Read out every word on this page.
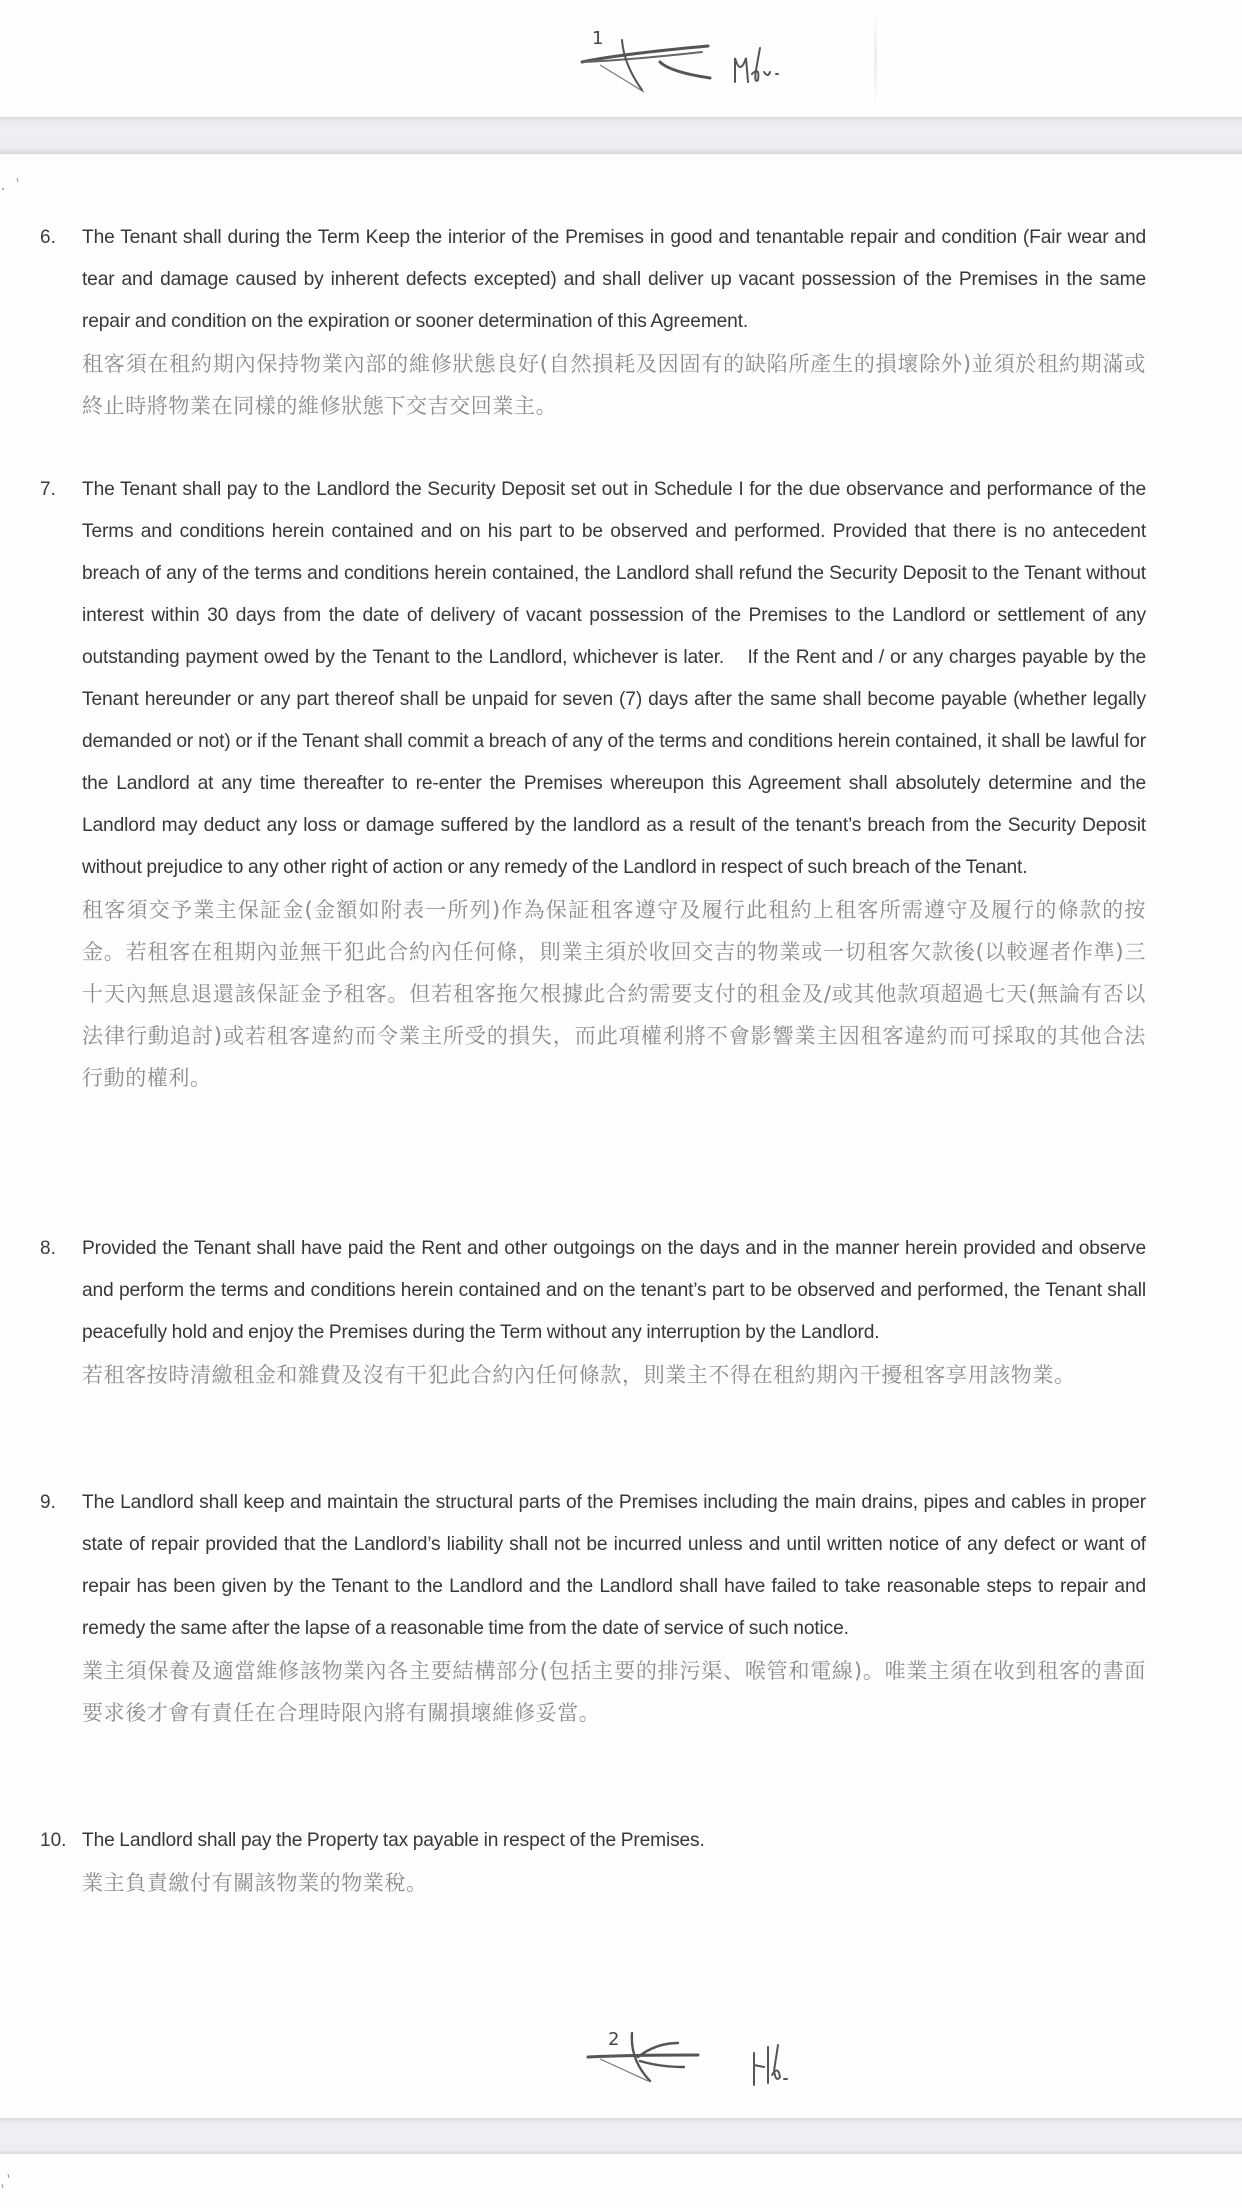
1
6. The Tenant shall during the Term Keep the interior of the Premises in good and tenantable repair and condition (Fair wear and tear and damage caused by inherent defects excepted) and shall deliver up vacant possession of the Premises in the same repair and condition on the expiration or sooner determination of this Agreement.
租客須在租約期內保持物業內部的維修狀態良好(自然損耗及因固有的缺陷所產生的損壞除外)並須於租約期滿或終止時將物業在同樣的維修狀態下交吉交回業主。
7. The Tenant shall pay to the Landlord the Security Deposit set out in Schedule I for the due observance and performance of the Terms and conditions herein contained and on his part to be observed and performed. Provided that there is no antecedent breach of any of the terms and conditions herein contained, the Landlord shall refund the Security Deposit to the Tenant without interest within 30 days from the date of delivery of vacant possession of the Premises to the Landlord or settlement of any outstanding payment owed by the Tenant to the Landlord, whichever is later.    If the Rent and / or any charges payable by the Tenant hereunder or any part thereof shall be unpaid for seven (7) days after the same shall become payable (whether legally demanded or not) or if the Tenant shall commit a breach of any of the terms and conditions herein contained, it shall be lawful for the Landlord at any time thereafter to re-enter the Premises whereupon this Agreement shall absolutely determine and the Landlord may deduct any loss or damage suffered by the landlord as a result of the tenant’s breach from the Security Deposit without prejudice to any other right of action or any remedy of the Landlord in respect of such breach of the Tenant.
租客須交予業主保証金(金額如附表一所列)作為保証租客遵守及履行此租約上租客所需遵守及履行的條款的按金。若租客在租期內並無干犯此合約內任何條，則業主須於收回交吉的物業或一切租客欠款後(以較遲者作準)三十天內無息退還該保証金予租客。但若租客拖欠根據此合約需要支付的租金及/或其他款項超過七天(無論有否以法律行動追討)或若租客違約而令業主所受的損失，而此項權利將不會影響業主因租客違約而可採取的其他合法行動的權利。
8. Provided the Tenant shall have paid the Rent and other outgoings on the days and in the manner herein provided and observe and perform the terms and conditions herein contained and on the tenant’s part to be observed and performed, the Tenant shall peacefully hold and enjoy the Premises during the Term without any interruption by the Landlord.
若租客按時清繳租金和雜費及沒有干犯此合約內任何條款，則業主不得在租約期內干擾租客享用該物業。
9. The Landlord shall keep and maintain the structural parts of the Premises including the main drains, pipes and cables in proper state of repair provided that the Landlord’s liability shall not be incurred unless and until written notice of any defect or want of repair has been given by the Tenant to the Landlord and the Landlord shall have failed to take reasonable steps to repair and remedy the same after the lapse of a reasonable time from the date of service of such notice.
業主須保養及適當維修該物業內各主要結構部分(包括主要的排污渠、喉管和電線)。唯業主須在收到租客的書面要求後才會有責任在合理時限內將有關損壞維修妥當。
10. The Landlord shall pay the Property tax payable in respect of the Premises.
業主負責繳付有關該物業的物業稅。
2
